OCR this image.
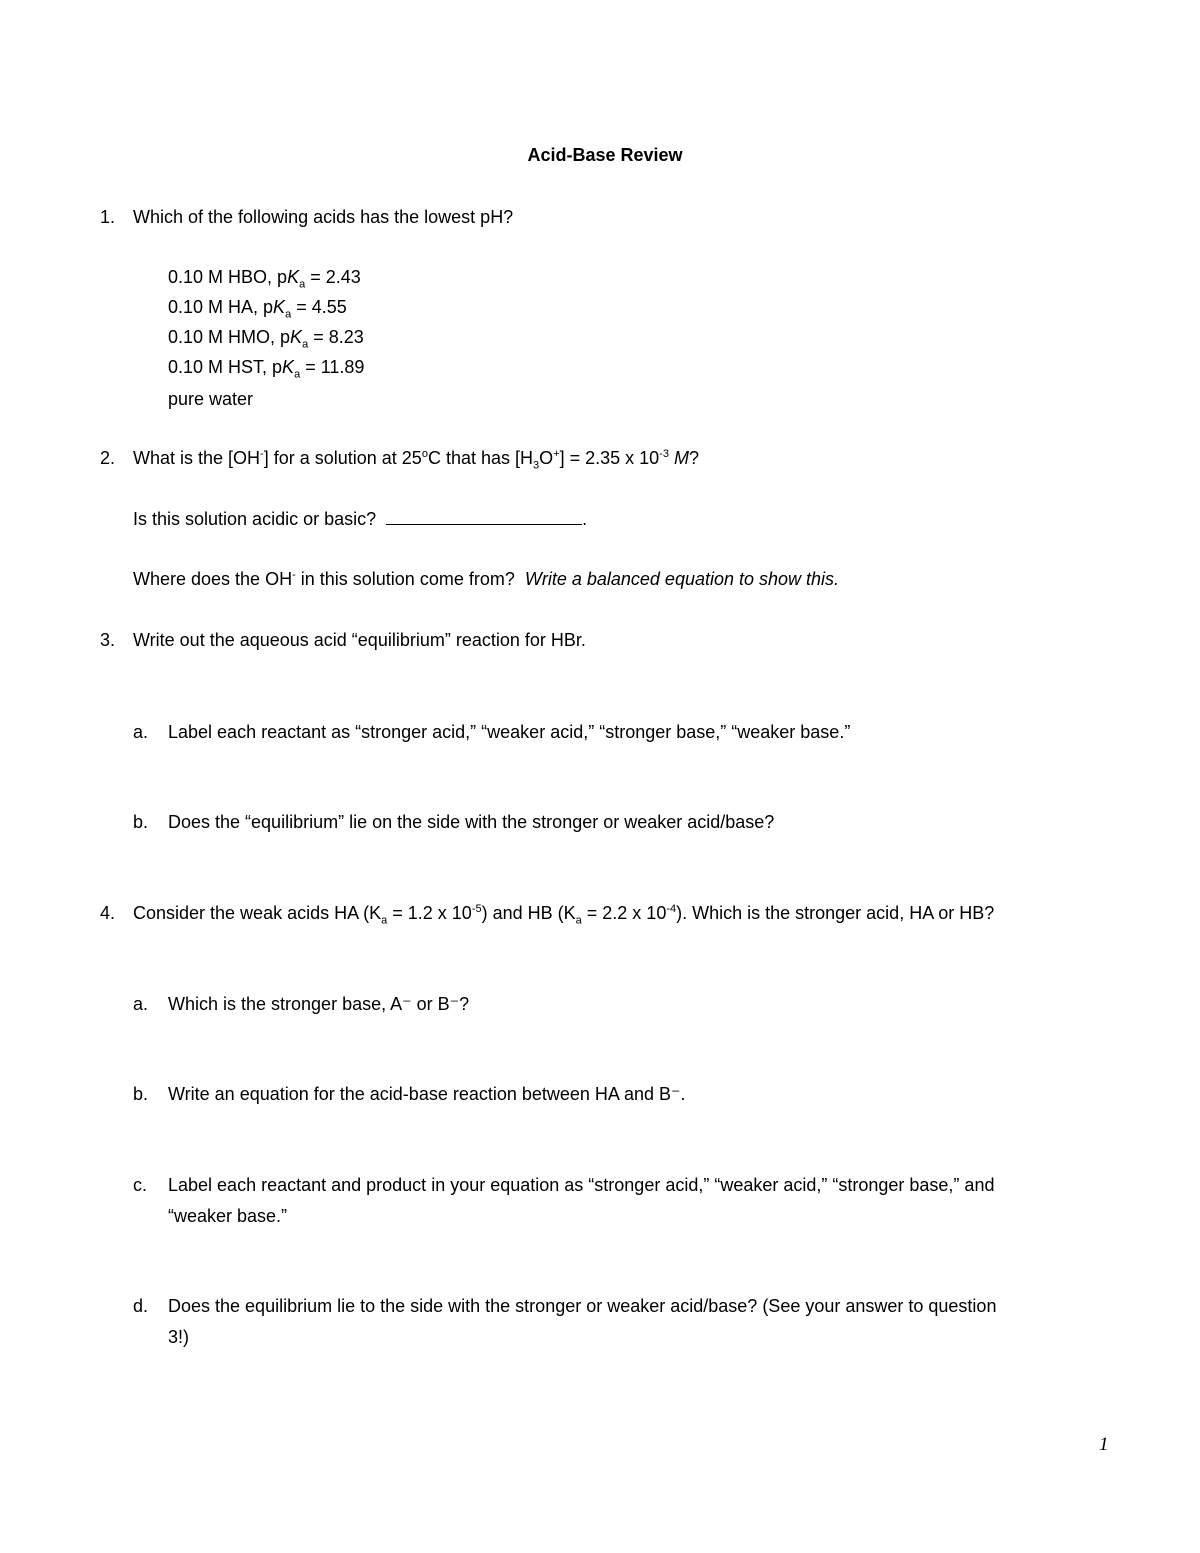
Acid-Base Review
1. Which of the following acids has the lowest pH?
0.10 M HBO, $pK_a = 2.43$
0.10 M HA, $pK_a = 4.55$
0.10 M HMO, $pK_a = 8.23$
0.10 M HST, $pK_a = 11.89$
pure water
2. What is the [OH-] for a solution at 25$^o$C that has $[H_3O^+] = 2.35$ x $10^{-3}$ M?
Is this solution acidic or basic?	.
Where does the OH- in this solution come from? Write a balanced equation to show this.
3. Write out the aqueous acid “equilibrium” reaction for HBr.
a. Label each reactant as “stronger acid,” “weaker acid,” “stronger base,” “weaker base.”
b. Does the “equilibrium” lie on the side with the stronger or weaker acid/base?
4. Consider the weak acids HA ($K_a = 1.2$ x $10^{-5}$) and HB ($K_a = 2.2$ x $10^{-4}$). Which is the stronger acid, HA or HB?
a. Which is the stronger base, A⁻ or B⁻?
b. Write an equation for the acid-base reaction between HA and B⁻.
c. Label each reactant and product in your equation as “stronger acid,” “weaker acid,” “stronger base,” and
“weaker base.”
d. Does the equilibrium lie to the side with the stronger or weaker acid/base? (See your answer to question
3!)
1
